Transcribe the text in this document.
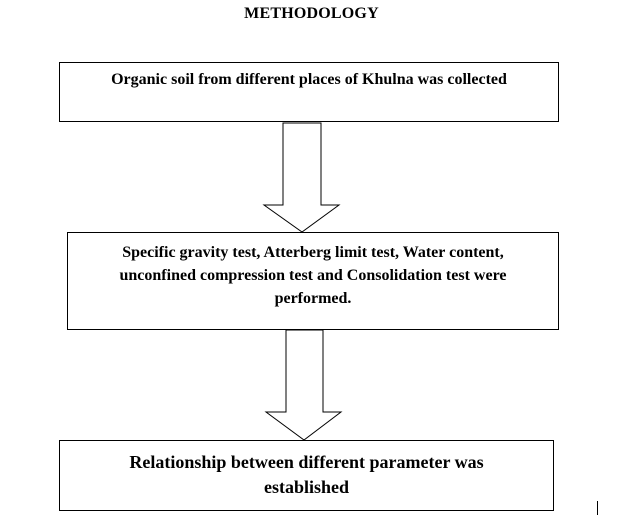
METHODOLOGY
Organic soil from different places of Khulna was collected
Specific gravity test, Atterberg limit test, Water content,
unconfined compression test and Consolidation test were
performed.
Relationship between different parameter was
established
